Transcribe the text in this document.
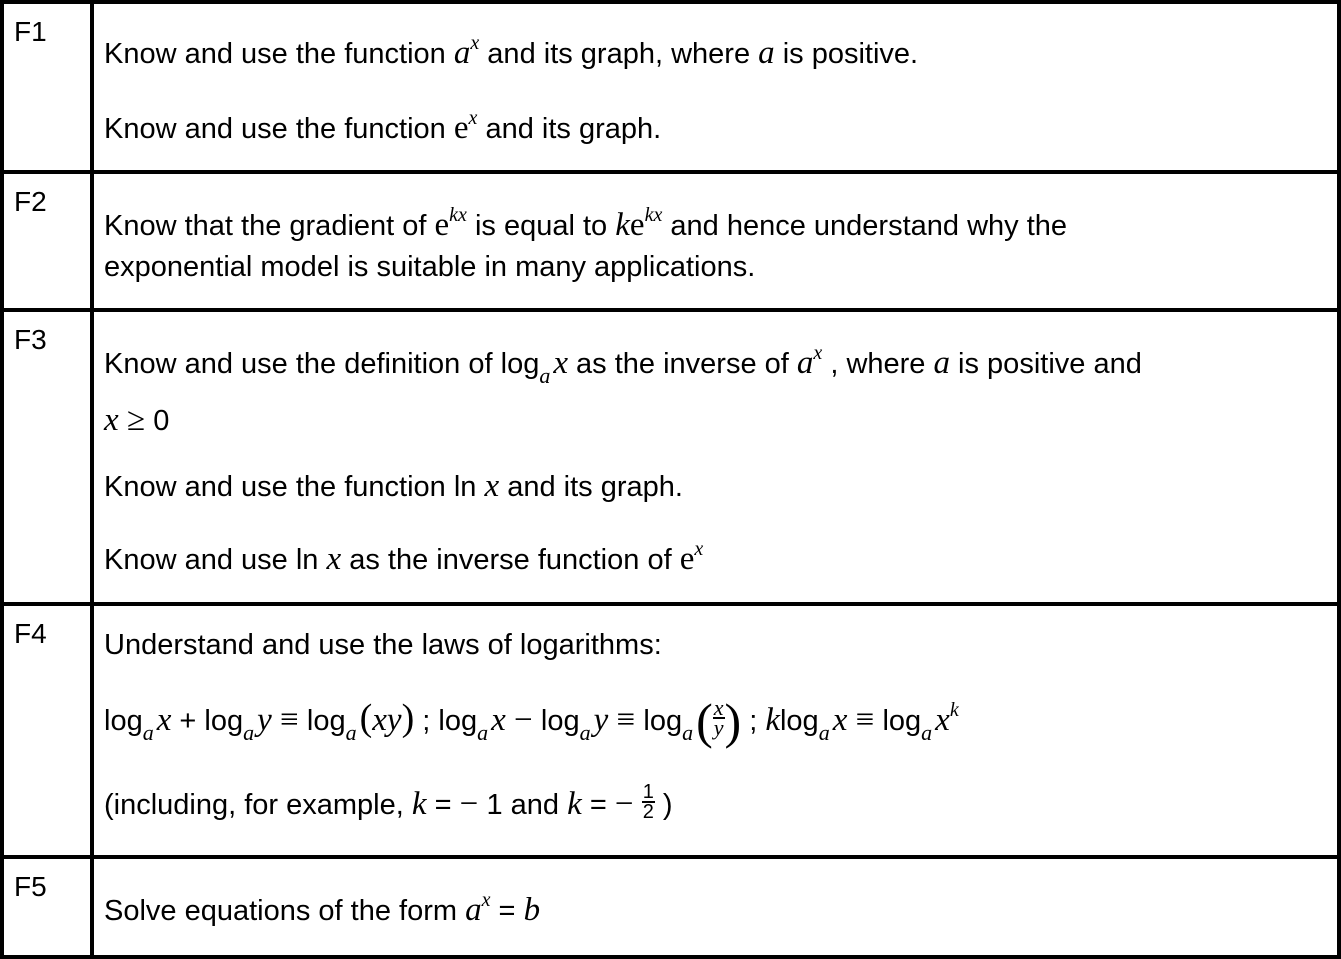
F1
Know and use the function $a^x$ and its graph, where a is positive.
Know and use the function $e^x$ and its graph.
F2
Know that the gradient of $e^{kx}$ is equal to $ke^{kx}$ and hence understand why the
exponential model is suitable in many applications.
F3
Know and use the definition of $\log_ax$ as the inverse of $a^x$ , where a is positive and
x ≥ 0
Know and use the function ln x and its graph.
Know and use ln x as the inverse function of $e^x$
F4 Understand and use the laws of logarithms:
$\log_ax + \log_ay \equiv \log_a(xy)$ ; $\log_ax - \log_ay \equiv \log_a( \frac{x}{y}$ ) ; $klog_ax \equiv \log_ax^k$
(including, for example, k = − 1 and k = − $\frac{1}{2}$ )
F5
Solve equations of the form $a^x = b$
